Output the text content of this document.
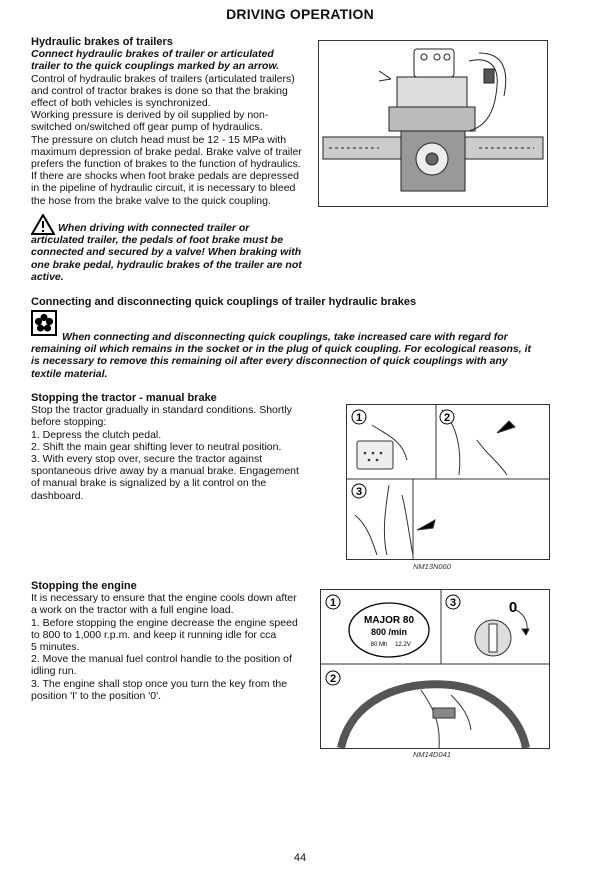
DRIVING OPERATION
Hydraulic brakes of trailers
Connect hydraulic brakes of trailer or articulated
trailer to the quick couplings marked by an arrow.
Control of hydraulic brakes of trailers (articulated trailers)
and control of tractor brakes is done so that the braking
effect of both vehicles is synchronized.
Working pressure is derived by oil supplied by non-
switched on/switched off gear pump of hydraulics.
The pressure on clutch head must be 12 - 15 MPa with
maximum depression of brake pedal. Brake valve of trailer
prefers the function of brakes to the function of hydraulics.
If there are shocks when foot brake pedals are depressed
in the pipeline of hydraulic circuit, it is necessary to bleed
the hose from the brake valve to the quick coupling.
When driving with connected trailer or
articulated trailer, the pedals of foot brake must be
connected and secured by a valve! When braking with
one brake pedal, hydraulic brakes of the trailer are not
active.
Connecting and disconnecting quick couplings of trailer hydraulic brakes
When connecting and disconnecting quick couplings, take increased care with regard for
remaining oil which remains in the socket or in the plug of quick coupling. For ecological reasons, it
is necessary to remove this remaining oil after every disconnection of quick couplings with any
textile material.
Stopping the tractor - manual brake
Stop the tractor gradually in standard conditions. Shortly
before stopping:
1. Depress the clutch pedal.
2. Shift the main gear shifting lever to neutral position.
3. With every stop over, secure the tractor against
spontaneous drive away by a manual brake. Engagement
of manual brake is signalized by a lit control on the
dashboard.
1	2
3
NM13N060
Stopping the engine
It is necessary to ensure that the engine cools down after
a work on the tractor with a full engine load.
1. Before stopping the engine decrease the engine speed
to 800 to 1,000 r.p.m. and keep it running idle for cca
5 minutes.
2. Move the manual fuel control handle to the position of
idling run.
3. The engine shall stop once you turn the key from the
position 'I' to the position '0'.
MAJOR 80
800 /min
80 Mh 12.2V
0
1	3
2
NM14D041
44
